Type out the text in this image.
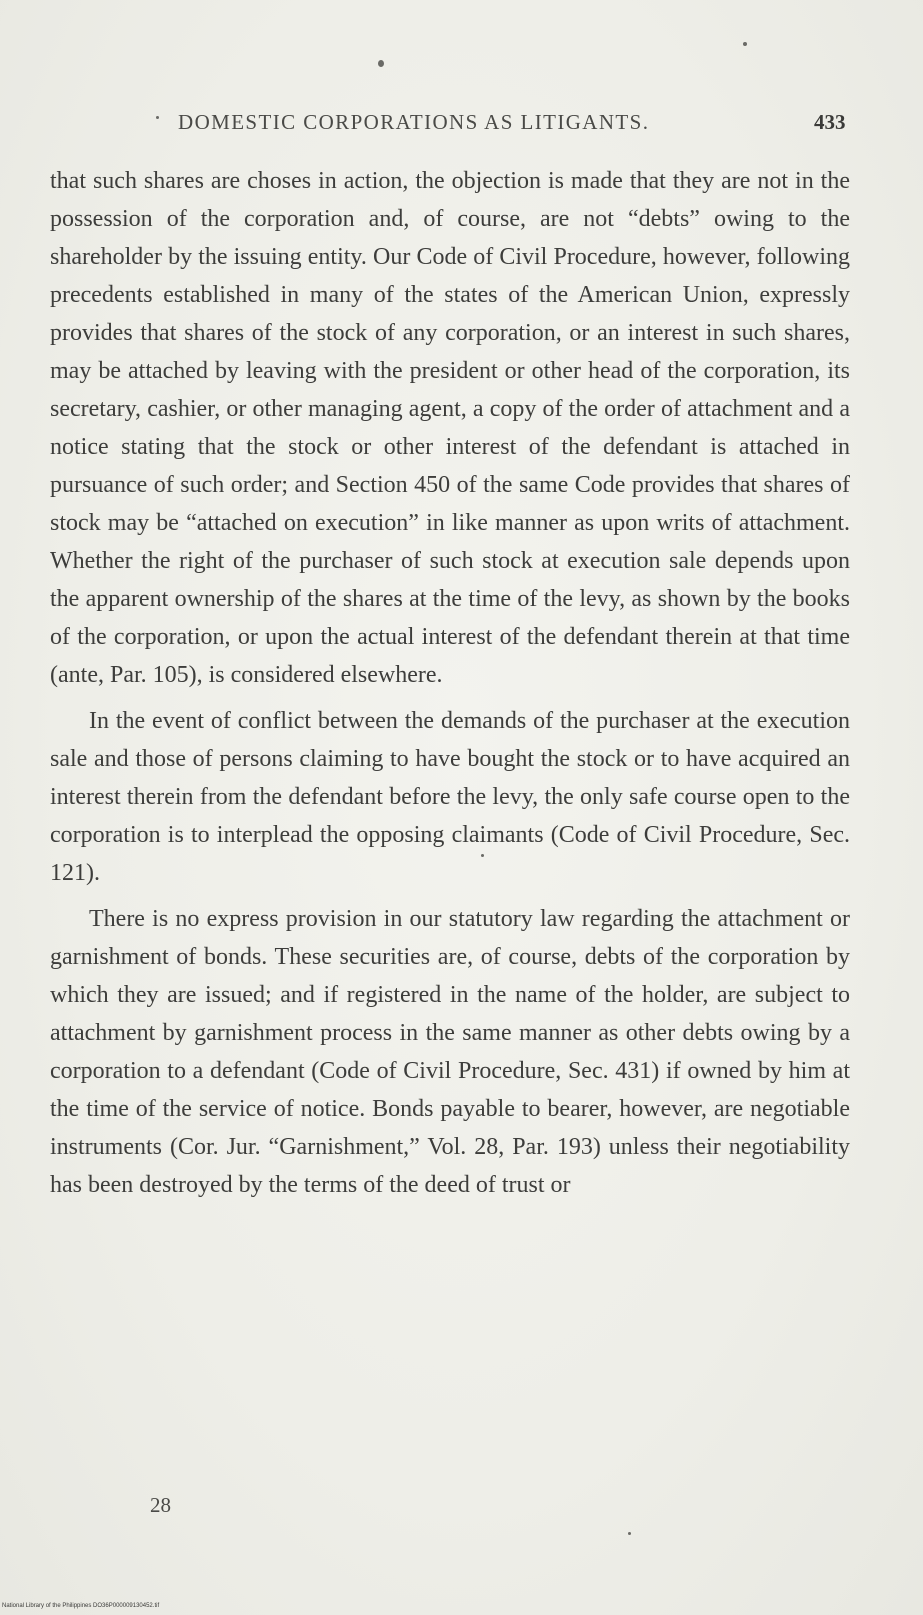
DOMESTIC CORPORATIONS AS LITIGANTS.	433

that such shares are choses in action, the objection is made that they are not in the possession of the corporation and, of course, are not “debts” owing to the shareholder by the issuing entity. Our Code of Civil Procedure, however, following precedents established in many of the states of the American Union, expressly provides that shares of the stock of any corporation, or an interest in such shares, may be attached by leaving with the president or other head of the corporation, its secretary, cashier, or other managing agent, a copy of the order of attachment and a notice stating that the stock or other interest of the defendant is attached in pursuance of such order; and Section 450 of the same Code provides that shares of stock may be “attached on execution” in like manner as upon writs of attachment. Whether the right of the purchaser of such stock at execution sale depends upon the apparent ownership of the shares at the time of the levy, as shown by the books of the corporation, or upon the actual interest of the defendant therein at that time (ante, Par. 105), is considered elsewhere.

In the event of conflict between the demands of the purchaser at the execution sale and those of persons claiming to have bought the stock or to have acquired an interest therein from the defendant before the levy, the only safe course open to the corporation is to interplead the opposing claimants (Code of Civil Procedure, Sec. 121).

There is no express provision in our statutory law regarding the attachment or garnishment of bonds. These securities are, of course, debts of the corporation by which they are issued; and if registered in the name of the holder, are subject to attachment by garnishment process in the same manner as other debts owing by a corporation to a defendant (Code of Civil Procedure, Sec. 431) if owned by him at the time of the service of notice. Bonds payable to bearer, however, are negotiable instruments (Cor. Jur. “Garnishment,” Vol. 28, Par. 193) unless their negotiability has been destroyed by the terms of the deed of trust or

28
National Library of the Philippines DO36P000009130452.tif
